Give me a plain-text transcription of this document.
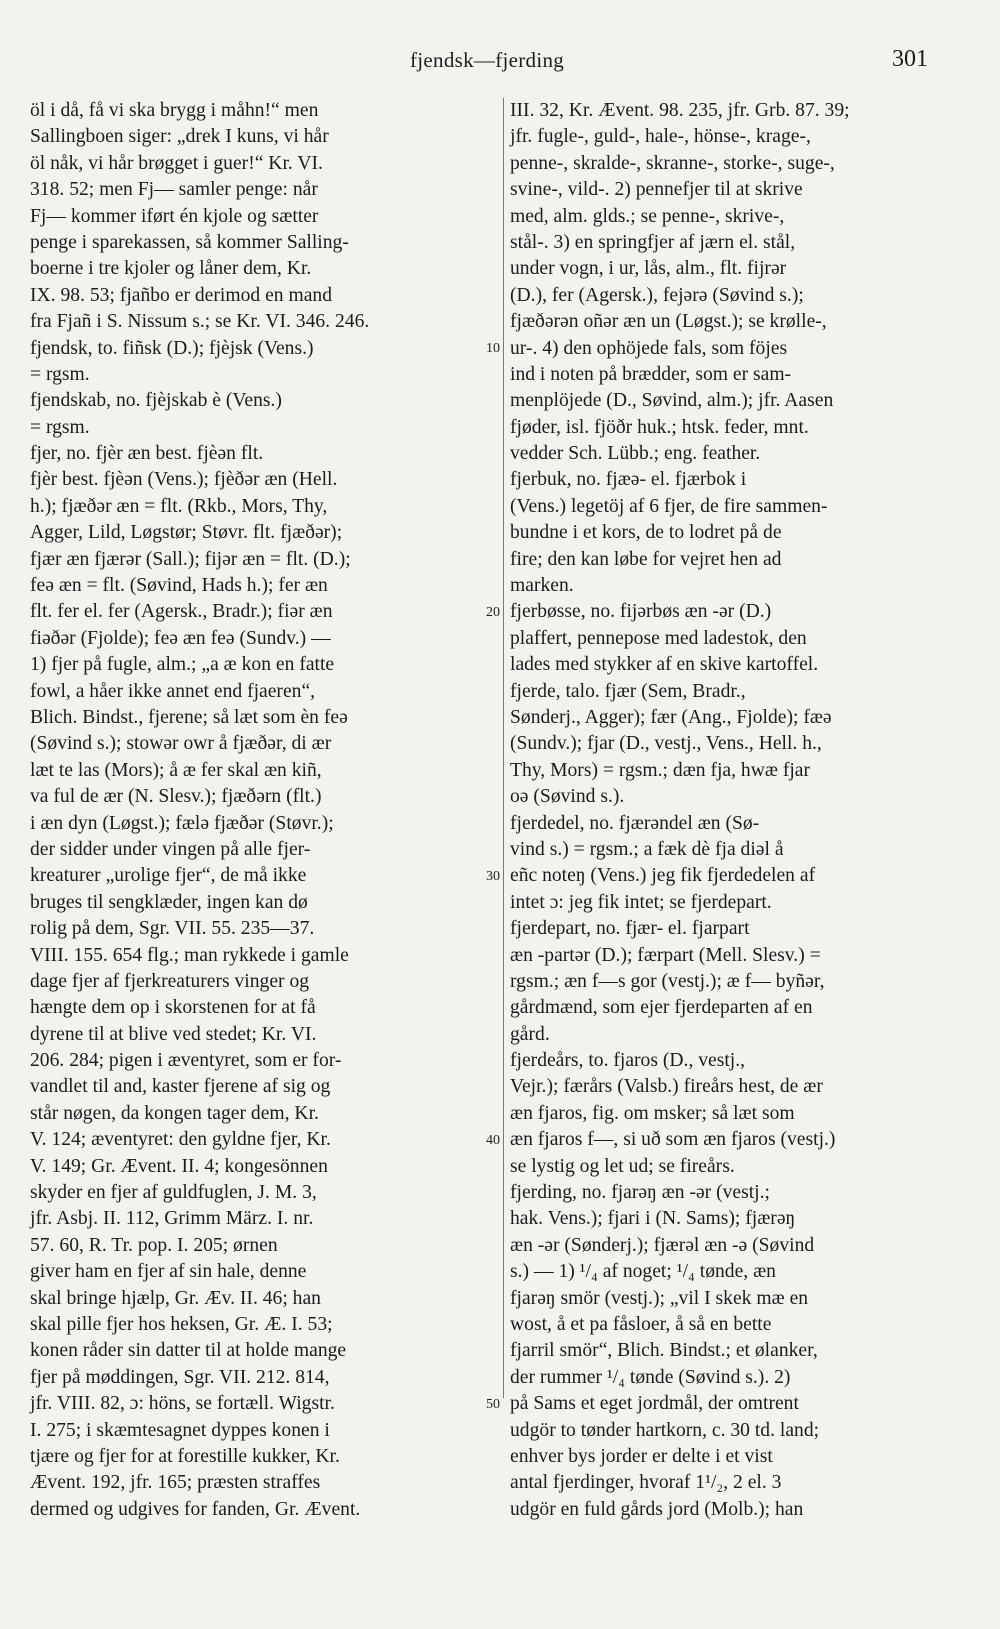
fjendsk—fjerding	301
öl i då, få vi ska brygg i måhn!“ men
Sallingboen siger: „drek I kuns, vi hår
öl nåk, vi hår brøgget i guer!“ Kr. VI.
318. 52; men Fj— samler penge: når
Fj— kommer iført én kjole og sætter
penge i sparekassen, så kommer Salling-
boerne i tre kjoler og låner dem, Kr.
IX. 98. 53; fjañbo er derimod en mand
fra Fjañ i S. Nissum s.; se Kr. VI. 346. 246.
fjendsk, to. fiñsk (D.); fjèjsk (Vens.)
= rgsm.
fjendskab, no. fjèjskab è (Vens.)
= rgsm.
fjer, no. fjèr æn best. fjèən flt.
fjèr best. fjèən (Vens.); fjèðər æn (Hell.
h.); fjæðər æn = flt. (Rkb., Mors, Thy,
Agger, Lild, Løgstør; Støvr. flt. fjæðər);
fjær æn fjærər (Sall.); fijər æn = flt. (D.);
feə æn = flt. (Søvind, Hads h.); fer æn
flt. fer el. fer (Agersk., Bradr.); fiər æn
fiəðər (Fjolde); feə æn feə (Sundv.) —
1) fjer på fugle, alm.; „a æ kon en fatte
fowl, a håer ikke annet end fjaeren“,
Blich. Bindst., fjerene; så læt som èn feə
(Søvind s.); stowər owr å fjæðər, di ær
læt te las (Mors); å æ fer skal æn kiñ,
va ful de ær (N. Slesv.); fjæðərn (flt.)
i æn dyn (Løgst.); fælə fjæðər (Støvr.);
der sidder under vingen på alle fjer-
kreaturer „urolige fjer“, de må ikke
bruges til sengklæder, ingen kan dø
rolig på dem, Sgr. VII. 55. 235—37.
VIII. 155. 654 flg.; man rykkede i gamle
dage fjer af fjerkreaturers vinger og
hængte dem op i skorstenen for at få
dyrene til at blive ved stedet; Kr. VI.
206. 284; pigen i æventyret, som er for-
vandlet til and, kaster fjerene af sig og
står nøgen, da kongen tager dem, Kr.
V. 124; æventyret: den gyldne fjer, Kr.
V. 149; Gr. Ævent. II. 4; kongesönnen
skyder en fjer af guldfuglen, J. M. 3,
jfr. Asbj. II. 112, Grimm März. I. nr.
57. 60, R. Tr. pop. I. 205; ørnen
giver ham en fjer af sin hale, denne
skal bringe hjælp, Gr. Æv. II. 46; han
skal pille fjer hos heksen, Gr. Æ. I. 53;
konen råder sin datter til at holde mange
fjer på møddingen, Sgr. VII. 212. 814,
jfr. VIII. 82, ɔ: höns, se fortæll. Wigstr.
I. 275; i skæmtesagnet dyppes konen i
tjære og fjer for at forestille kukker, Kr.
Ævent. 192, jfr. 165; præsten straffes
dermed og udgives for fanden, Gr. Ævent.
10
20
30
40
50
III. 32, Kr. Ævent. 98. 235, jfr. Grb. 87. 39;
jfr. fugle-, guld-, hale-, hönse-, krage-,
penne-, skralde-, skranne-, storke-, suge-,
svine-, vild-. 2) pennefjer til at skrive
med, alm. glds.; se penne-, skrive-,
stål-. 3) en springfjer af jærn el. stål,
under vogn, i ur, lås, alm., flt. fijrər
(D.), fer (Agersk.), fejərə (Søvind s.);
fjæðərən oñər æn un (Løgst.); se krølle-,
ur-. 4) den ophöjede fals, som föjes
ind i noten på brædder, som er sam-
menplöjede (D., Søvind, alm.); jfr. Aasen
fjøder, isl. fjöðr huk.; htsk. feder, mnt.
vedder Sch. Lübb.; eng. feather.
fjerbuk, no. fjæə- el. fjærbok i
(Vens.) legetöj af 6 fjer, de fire sammen-
bundne i et kors, de to lodret på de
fire; den kan løbe for vejret hen ad
marken.
fjerbøsse, no. fijərbøs æn -ər (D.)
plaffert, pennepose med ladestok, den
lades med stykker af en skive kartoffel.
fjerde, talo. fjær (Sem, Bradr.,
Sønderj., Agger); fær (Ang., Fjolde); fæə
(Sundv.); fjar (D., vestj., Vens., Hell. h.,
Thy, Mors) = rgsm.; dæn fja, hwæ fjar
oə (Søvind s.).
fjerdedel, no. fjærəndel æn (Sø-
vind s.) = rgsm.; a fæk dè fja diəl å
eñc noteŋ (Vens.) jeg fik fjerdedelen af
intet ɔ: jeg fik intet; se fjerdepart.
fjerdepart, no. fjær- el. fjarpart
æn -partər (D.); færpart (Mell. Slesv.) =
rgsm.; æn f—s gor (vestj.); æ f— byñər,
gårdmænd, som ejer fjerdeparten af en
gård.
fjerdeårs, to. fjaros (D., vestj.,
Vejr.); færårs (Valsb.) fireårs hest, de ær
æn fjaros, fig. om msker; så læt som
æn fjaros f—, si uð som æn fjaros (vestj.)
se lystig og let ud; se fireårs.
fjerding, no. fjarəŋ æn -ər (vestj.;
hak. Vens.); fjari i (N. Sams); fjærəŋ
æn -ər (Sønderj.); fjærəl æn -ə (Søvind
s.) — 1) ¹/₄ af noget; ¹/₄ tønde, æn
fjarəŋ smör (vestj.); „vil I skek mæ en
wost, å et pa fåsloer, å så en bette
fjarril smör“, Blich. Bindst.; et ølanker,
der rummer ¹/₄ tønde (Søvind s.). 2)
på Sams et eget jordmål, der omtrent
udgör to tønder hartkorn, c. 30 td. land;
enhver bys jorder er delte i et vist
antal fjerdinger, hvoraf 1¹/₂, 2 el. 3
udgör en fuld gårds jord (Molb.); han
